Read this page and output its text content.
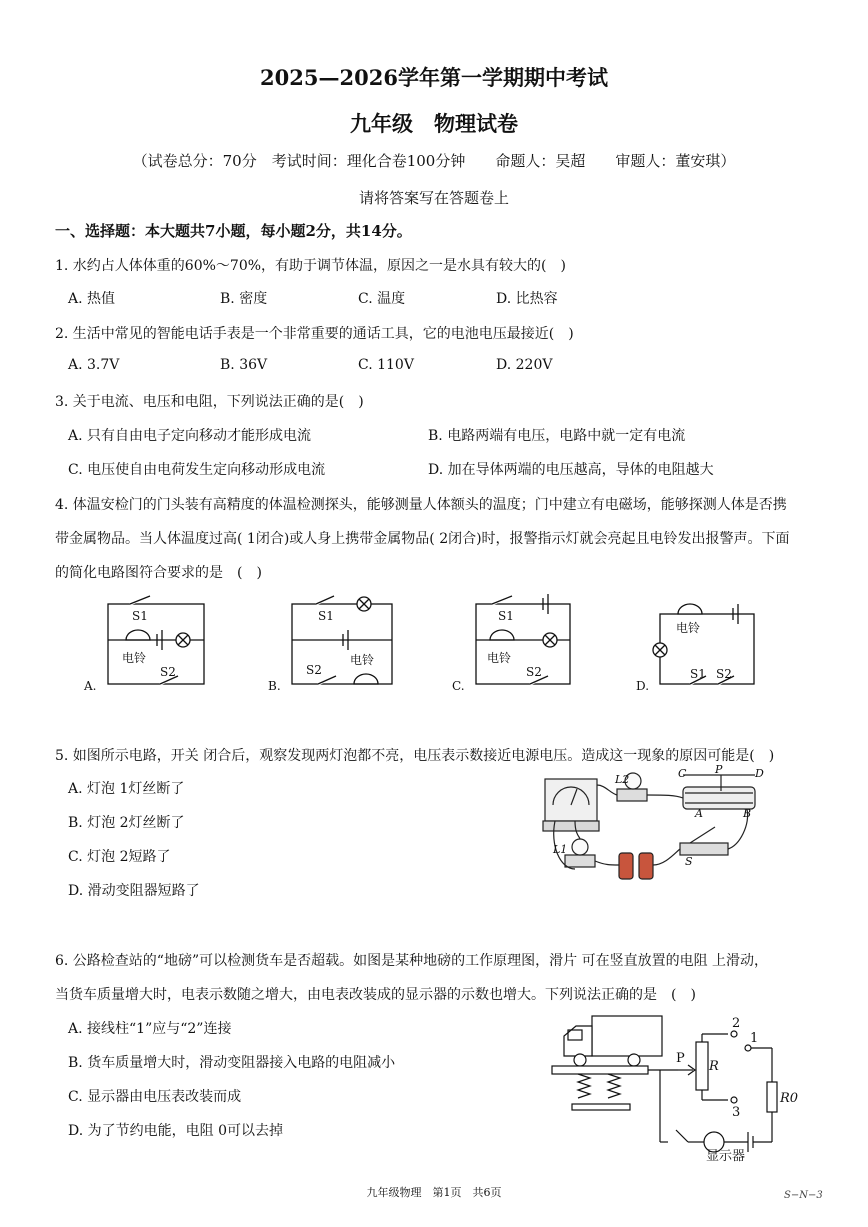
2025—2026学年第一学期期中考试
九年级　物理试卷
（试卷总分：70分　考试时间：理化合卷100分钟　　命题人：吴超　　审题人：董安琪）
请将答案写在答题卷上
一、选择题：本大题共7小题，每小题2分，共14分。
1. 水约占人体体重的60%～70%，有助于调节体温，原因之一是水具有较大的(　)
A. 热值	B. 密度	C. 温度	D. 比热容
2. 生活中常见的智能电话手表是一个非常重要的通话工具，它的电池电压最接近(　)
A. 3.7V	B. 36V	C. 110V	D. 220V
3. 关于电流、电压和电阻，下列说法正确的是(　)
A. 只有自由电子定向移动才能形成电流	B. 电路两端有电压，电路中就一定有电流
C. 电压使自由电荷发生定向移动形成电流	D. 加在导体两端的电压越高，导体的电阻越大
4. 体温安检门的门头装有高精度的体温检测探头，能够测量人体额头的温度；门中建立有电磁场，能够探测人体是否携
带金属物品。当人体温度过高( 1闭合)或人身上携带金属物品( 2闭合)时，报警指示灯就会亮起且电铃发出报警声。下面
的简化电路图符合要求的是　(　)
S1
电铃
S2
A.
S1
电铃
S2
B.
S1
电铃
S2
C.
电铃
S1 S2
D.
5. 如图所示电路，开关 闭合后，观察发现两灯泡都不亮，电压表示数接近电源电压。造成这一现象的原因可能是(　)
A. 灯泡 1灯丝断了
B. 灯泡 2灯丝断了
C. 灯泡 2短路了
D. 滑动变阻器短路了
L2	C	P	D
A	B
L1
S
6. 公路检查站的“地磅”可以检测货车是否超载。如图是某种地磅的工作原理图，滑片 可在竖直放置的电阻 上滑动，
当货车质量增大时，电表示数随之增大，由电表改装成的显示器的示数也增大。下列说法正确的是　(　)
A. 接线柱“1”应与“2”连接
B. 货车质量增大时，滑动变阻器接入电路的电阻减小
C. 显示器由电压表改装而成
D. 为了节约电能，电阻 0可以去掉
P
R
2
1
3
R0
显示器
九年级物理　第1页　共6页	S−N−3
